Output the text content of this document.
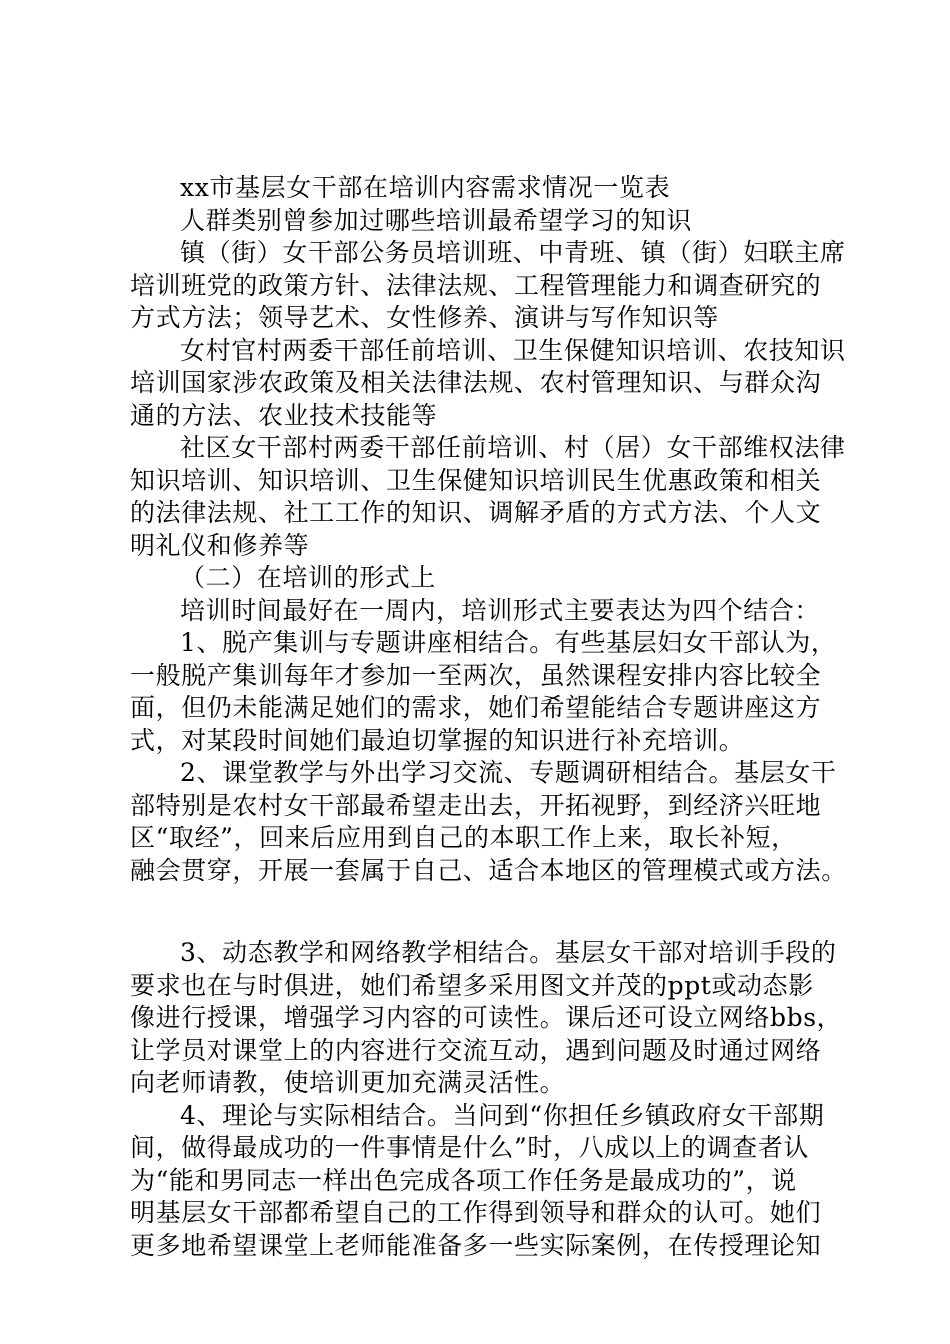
xx市基层女干部在培训内容需求情况一览表
人群类别曾参加过哪些培训最希望学习的知识
镇（街）女干部公务员培训班、中青班、镇（街）妇联主席
培训班党的政策方针、法律法规、工程管理能力和调查研究的
方式方法；领导艺术、女性修养、演讲与写作知识等
女村官村两委干部任前培训、卫生保健知识培训、农技知识
培训国家涉农政策及相关法律法规、农村管理知识、与群众沟
通的方法、农业技术技能等
社区女干部村两委干部任前培训、村（居）女干部维权法律
知识培训、知识培训、卫生保健知识培训民生优惠政策和相关
的法律法规、社工工作的知识、调解矛盾的方式方法、个人文
明礼仪和修养等
（二）在培训的形式上
培训时间最好在一周内，培训形式主要表达为四个结合：
1、脱产集训与专题讲座相结合。有些基层妇女干部认为，
一般脱产集训每年才参加一至两次，虽然课程安排内容比较全
面，但仍未能满足她们的需求，她们希望能结合专题讲座这方
式，对某段时间她们最迫切掌握的知识进行补充培训。
2、课堂教学与外出学习交流、专题调研相结合。基层女干
部特别是农村女干部最希望走出去，开拓视野，到经济兴旺地
区“取经”，回来后应用到自己的本职工作上来，取长补短，
融会贯穿，开展一套属于自己、适合本地区的管理模式或方法。
3、动态教学和网络教学相结合。基层女干部对培训手段的
要求也在与时俱进，她们希望多采用图文并茂的ppt或动态影
像进行授课，增强学习内容的可读性。课后还可设立网络bbs，
让学员对课堂上的内容进行交流互动，遇到问题及时通过网络
向老师请教，使培训更加充满灵活性。
4、理论与实际相结合。当问到“你担任乡镇政府女干部期
间，做得最成功的一件事情是什么”时，八成以上的调查者认
为“能和男同志一样出色完成各项工作任务是最成功的”，说
明基层女干部都希望自己的工作得到领导和群众的认可。她们
更多地希望课堂上老师能准备多一些实际案例，在传授理论知
